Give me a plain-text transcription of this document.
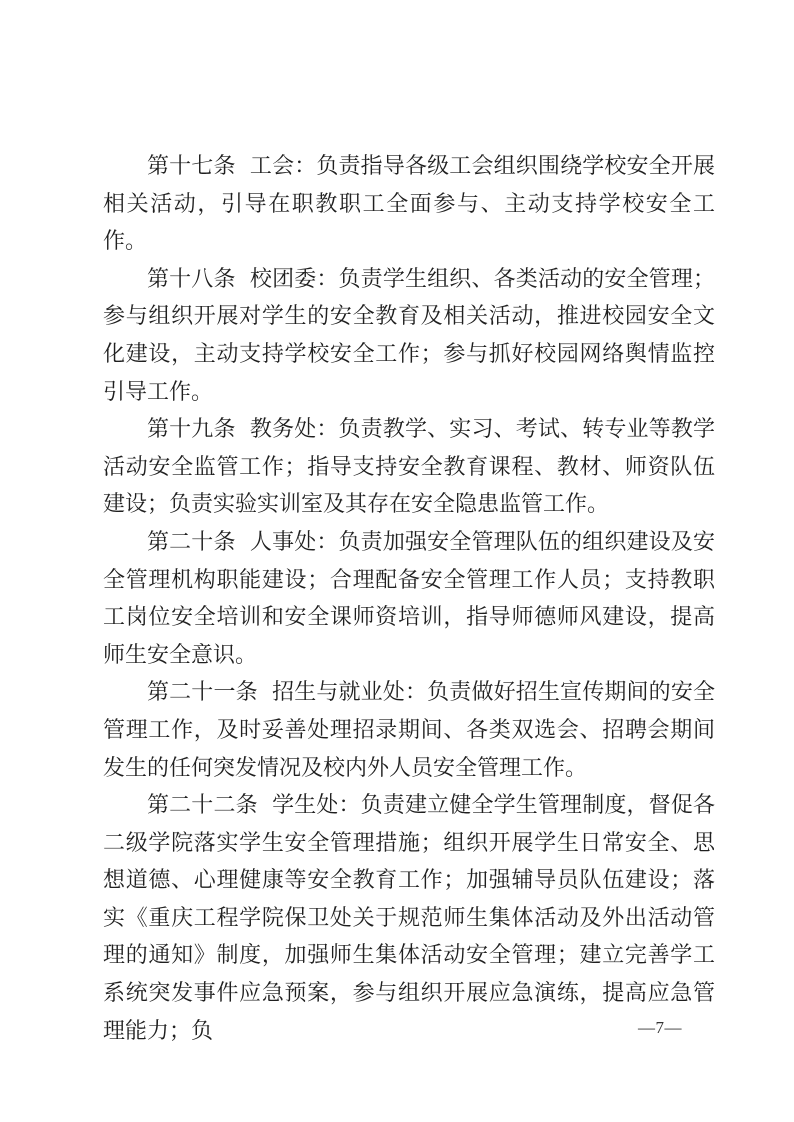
第十七条 工会：负责指导各级工会组织围绕学校安全开展相关活动，引导在职教职工全面参与、主动支持学校安全工作。

第十八条 校团委：负责学生组织、各类活动的安全管理；参与组织开展对学生的安全教育及相关活动，推进校园安全文化建设，主动支持学校安全工作；参与抓好校园网络舆情监控引导工作。

第十九条 教务处：负责教学、实习、考试、转专业等教学活动安全监管工作；指导支持安全教育课程、教材、师资队伍建设；负责实验实训室及其存在安全隐患监管工作。

第二十条 人事处：负责加强安全管理队伍的组织建设及安全管理机构职能建设；合理配备安全管理工作人员；支持教职工岗位安全培训和安全课师资培训，指导师德师风建设，提高师生安全意识。

第二十一条 招生与就业处：负责做好招生宣传期间的安全管理工作，及时妥善处理招录期间、各类双选会、招聘会期间发生的任何突发情况及校内外人员安全管理工作。

第二十二条 学生处：负责建立健全学生管理制度，督促各二级学院落实学生安全管理措施；组织开展学生日常安全、思想道德、心理健康等安全教育工作；加强辅导员队伍建设；落实《重庆工程学院保卫处关于规范师生集体活动及外出活动管理的通知》制度，加强师生集体活动安全管理；建立完善学工系统突发事件应急预案，参与组织开展应急演练，提高应急管理能力；负	—7—
